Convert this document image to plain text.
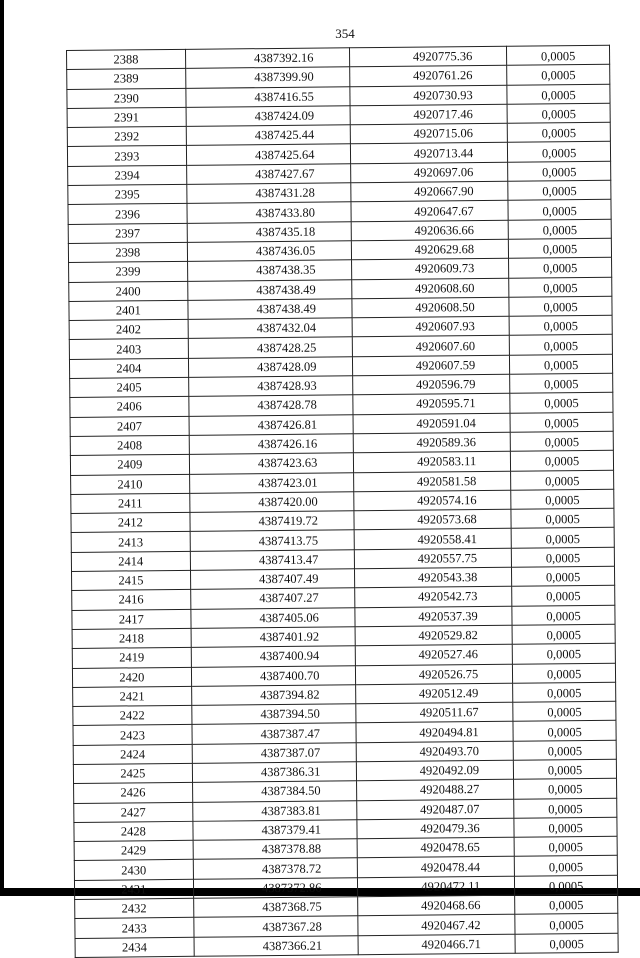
354
2388	4387392.16	4920775.36	0,0005
2389	4387399.90	4920761.26	0,0005
2390	4387416.55	4920730.93	0,0005
2391	4387424.09	4920717.46	0,0005
2392	4387425.44	4920715.06	0,0005
2393	4387425.64	4920713.44	0,0005
2394	4387427.67	4920697.06	0,0005
2395	4387431.28	4920667.90	0,0005
2396	4387433.80	4920647.67	0,0005
2397	4387435.18	4920636.66	0,0005
2398	4387436.05	4920629.68	0,0005
2399	4387438.35	4920609.73	0,0005
2400	4387438.49	4920608.60	0,0005
2401	4387438.49	4920608.50	0,0005
2402	4387432.04	4920607.93	0,0005
2403	4387428.25	4920607.60	0,0005
2404	4387428.09	4920607.59	0,0005
2405	4387428.93	4920596.79	0,0005
2406	4387428.78	4920595.71	0,0005
2407	4387426.81	4920591.04	0,0005
2408	4387426.16	4920589.36	0,0005
2409	4387423.63	4920583.11	0,0005
2410	4387423.01	4920581.58	0,0005
2411	4387420.00	4920574.16	0,0005
2412	4387419.72	4920573.68	0,0005
2413	4387413.75	4920558.41	0,0005
2414	4387413.47	4920557.75	0,0005
2415	4387407.49	4920543.38	0,0005
2416	4387407.27	4920542.73	0,0005
2417	4387405.06	4920537.39	0,0005
2418	4387401.92	4920529.82	0,0005
2419	4387400.94	4920527.46	0,0005
2420	4387400.70	4920526.75	0,0005
2421	4387394.82	4920512.49	0,0005
2422	4387394.50	4920511.67	0,0005
2423	4387387.47	4920494.81	0,0005
2424	4387387.07	4920493.70	0,0005
2425	4387386.31	4920492.09	0,0005
2426	4387384.50	4920488.27	0,0005
2427	4387383.81	4920487.07	0,0005
2428	4387379.41	4920479.36	0,0005
2429	4387378.88	4920478.65	0,0005
2430	4387378.72	4920478.44	0,0005
2431	4387372.86	4920472.11	0,0005
2432	4387368.75	4920468.66	0,0005
2433	4387367.28	4920467.42	0,0005
2434	4387366.21	4920466.71	0,0005
